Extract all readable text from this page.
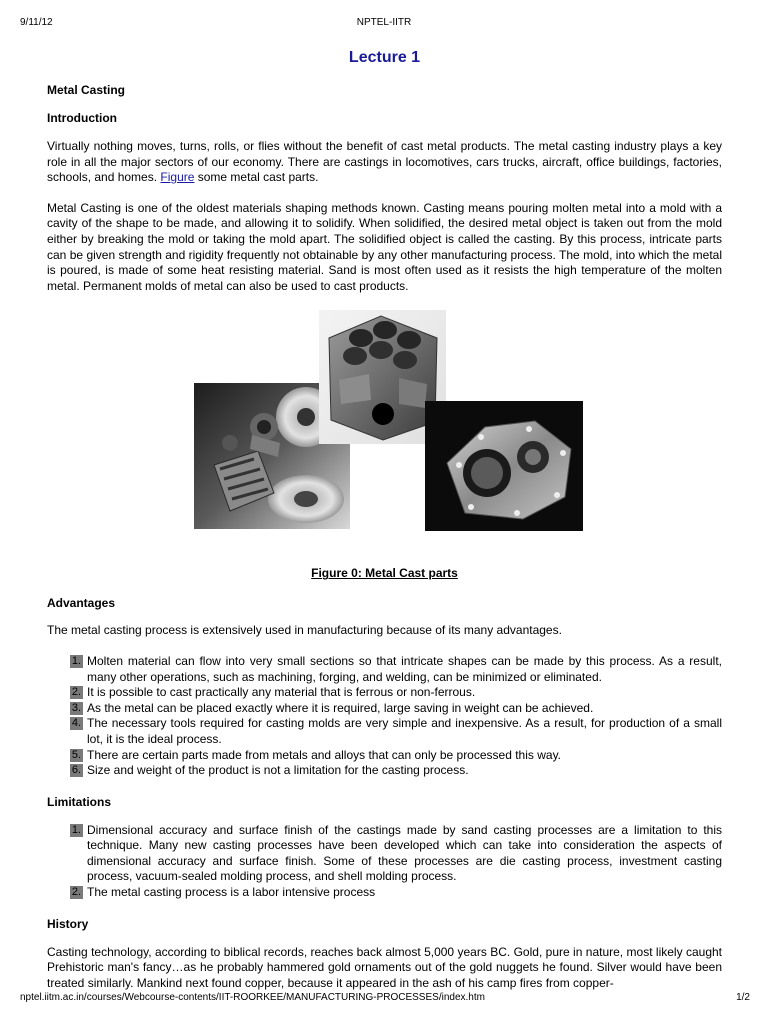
9/11/12	NPTEL-IITR
Lecture 1
Metal Casting
Introduction

Virtually nothing moves, turns, rolls, or flies without the benefit of cast metal products. The metal casting industry plays a key role in all the major sectors of our economy. There are castings in locomotives, cars trucks, aircraft, office buildings, factories, schools, and homes. Figure some metal cast parts.

Metal Casting is one of the oldest materials shaping methods known. Casting means pouring molten metal into a mold with a cavity of the shape to be made, and allowing it to solidify. When solidified, the desired metal object is taken out from the mold either by breaking the mold or taking the mold apart. The solidified object is called the casting. By this process, intricate parts can be given strength and rigidity frequently not obtainable by any other manufacturing process. The mold, into which the metal is poured, is made of some heat resisting material. Sand is most often used as it resists the high temperature of the molten metal. Permanent molds of metal can also be used to cast products.

Figure 0: Metal Cast parts
Advantages

The metal casting process is extensively used in manufacturing because of its many advantages.

1. Molten material can flow into very small sections so that intricate shapes can be made by this process. As a result, many other operations, such as machining, forging, and welding, can be minimized or eliminated.
2. It is possible to cast practically any material that is ferrous or non-ferrous.
3. As the metal can be placed exactly where it is required, large saving in weight can be achieved.
4. The necessary tools required for casting molds are very simple and inexpensive. As a result, for production of a small lot, it is the ideal process.
5. There are certain parts made from metals and alloys that can only be processed this way.
6. Size and weight of the product is not a limitation for the casting process.
Limitations
1. Dimensional accuracy and surface finish of the castings made by sand casting processes are a limitation to this technique. Many new casting processes have been developed which can take into consideration the aspects of dimensional accuracy and surface finish. Some of these processes are die casting process, investment casting process, vacuum-sealed molding process, and shell molding process.
2. The metal casting process is a labor intensive process
History

Casting technology, according to biblical records, reaches back almost 5,000 years BC. Gold, pure in nature, most likely caught Prehistoric man's fancy…as he probably hammered gold ornaments out of the gold nuggets he found. Silver would have been treated similarly. Mankind next found copper, because it appeared in the ash of his camp fires from copper-

nptel.iitm.ac.in/courses/Webcourse-contents/IIT-ROORKEE/MANUFACTURING-PROCESSES/index.htm	1/2
